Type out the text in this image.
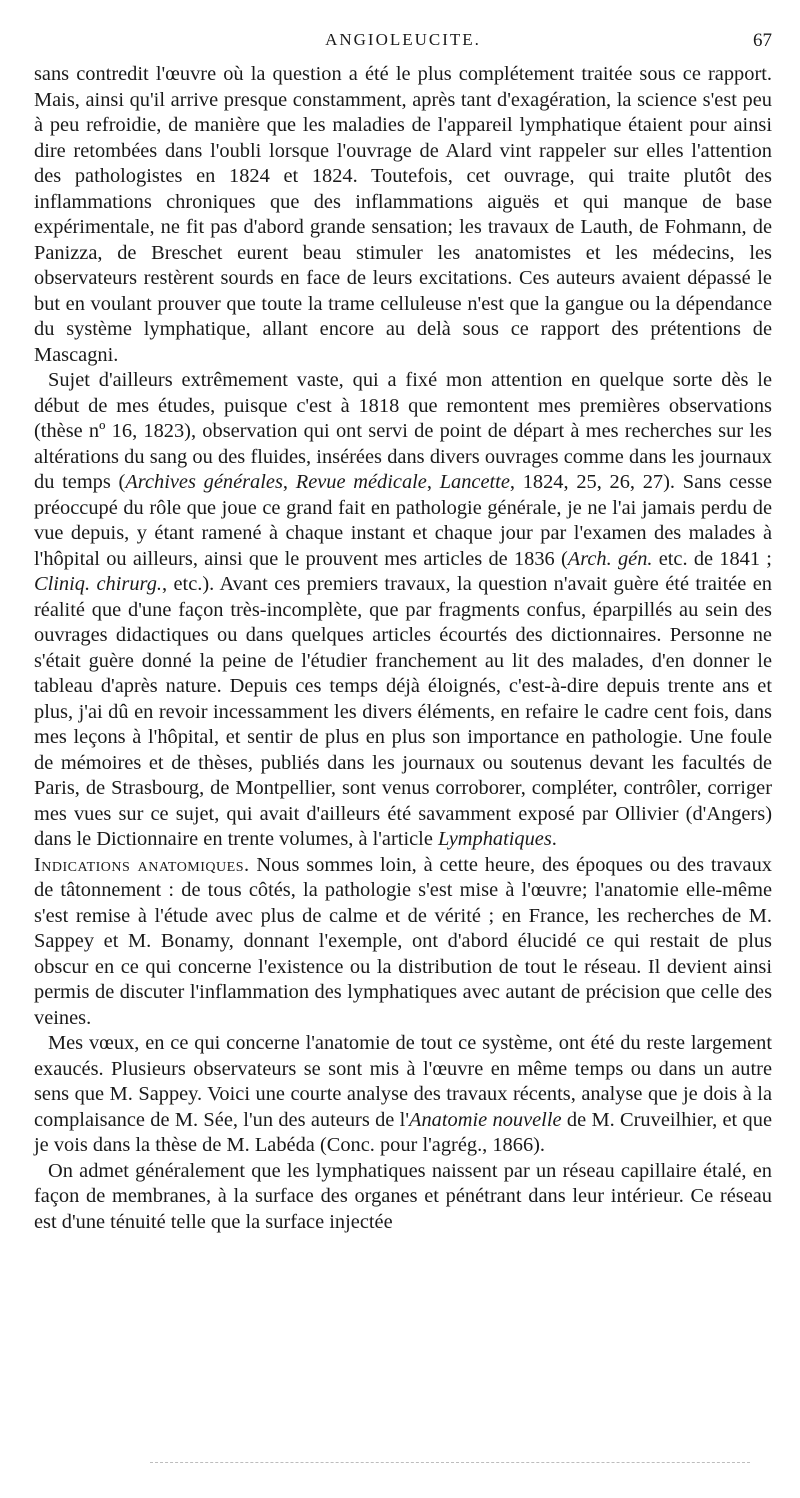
ANGIOLEUCITE.	67

sans contredit l'œuvre où la question a été le plus complétement traitée sous ce rapport. Mais, ainsi qu'il arrive presque constamment, après tant d'exagération, la science s'est peu à peu refroidie, de manière que les maladies de l'appareil lymphatique étaient pour ainsi dire retombées dans l'oubli lorsque l'ouvrage de Alard vint rappeler sur elles l'attention des pathologistes en 1824 et 1824. Toutefois, cet ouvrage, qui traite plutôt des inflammations chroniques que des inflammations aiguës et qui manque de base expérimentale, ne fit pas d'abord grande sensation; les travaux de Lauth, de Fohmann, de Panizza, de Breschet eurent beau stimuler les anatomistes et les médecins, les observateurs restèrent sourds en face de leurs excitations. Ces auteurs avaient dépassé le but en voulant prouver que toute la trame celluleuse n'est que la gangue ou la dépendance du système lymphatique, allant encore au delà sous ce rapport des prétentions de Mascagni.

Sujet d'ailleurs extrêmement vaste, qui a fixé mon attention en quelque sorte dès le début de mes études, puisque c'est à 1818 que remontent mes premières observations (thèse nº 16, 1823), observation qui ont servi de point de départ à mes recherches sur les altérations du sang ou des fluides, insérées dans divers ouvrages comme dans les journaux du temps (Archives générales, Revue médicale, Lancette, 1824, 25, 26, 27). Sans cesse préoccupé du rôle que joue ce grand fait en pathologie générale, je ne l'ai jamais perdu de vue depuis, y étant ramené à chaque instant et chaque jour par l'examen des malades à l'hôpital ou ailleurs, ainsi que le prouvent mes articles de 1836 (Arch. gén. etc. de 1841 ; Cliniq. chirurg., etc.). Avant ces premiers travaux, la question n'avait guère été traitée en réalité que d'une façon très-incomplète, que par fragments confus, éparpillés au sein des ouvrages didactiques ou dans quelques articles écourtés des dictionnaires. Personne ne s'était guère donné la peine de l'étudier franchement au lit des malades, d'en donner le tableau d'après nature. Depuis ces temps déjà éloignés, c'est-à-dire depuis trente ans et plus, j'ai dû en revoir incessamment les divers éléments, en refaire le cadre cent fois, dans mes leçons à l'hôpital, et sentir de plus en plus son importance en pathologie. Une foule de mémoires et de thèses, publiés dans les journaux ou soutenus devant les facultés de Paris, de Strasbourg, de Montpellier, sont venus corroborer, compléter, contrôler, corriger mes vues sur ce sujet, qui avait d'ailleurs été savamment exposé par Ollivier (d'Angers) dans le Dictionnaire en trente volumes, à l'article Lymphatiques.

Indications anatomiques. Nous sommes loin, à cette heure, des époques ou des travaux de tâtonnement : de tous côtés, la pathologie s'est mise à l'œuvre; l'anatomie elle-même s'est remise à l'étude avec plus de calme et de vérité ; en France, les recherches de M. Sappey et M. Bonamy, donnant l'exemple, ont d'abord élucidé ce qui restait de plus obscur en ce qui concerne l'existence ou la distribution de tout le réseau. Il devient ainsi permis de discuter l'inflammation des lymphatiques avec autant de précision que celle des veines.

Mes vœux, en ce qui concerne l'anatomie de tout ce système, ont été du reste largement exaucés. Plusieurs observateurs se sont mis à l'œuvre en même temps ou dans un autre sens que M. Sappey. Voici une courte analyse des travaux récents, analyse que je dois à la complaisance de M. Sée, l'un des auteurs de l'Anatomie nouvelle de M. Cruveilhier, et que je vois dans la thèse de M. Labéda (Conc. pour l'agrég., 1866).

On admet généralement que les lymphatiques naissent par un réseau capillaire étalé, en façon de membranes, à la surface des organes et pénétrant dans leur intérieur. Ce réseau est d'une ténuité telle que la surface injectée
